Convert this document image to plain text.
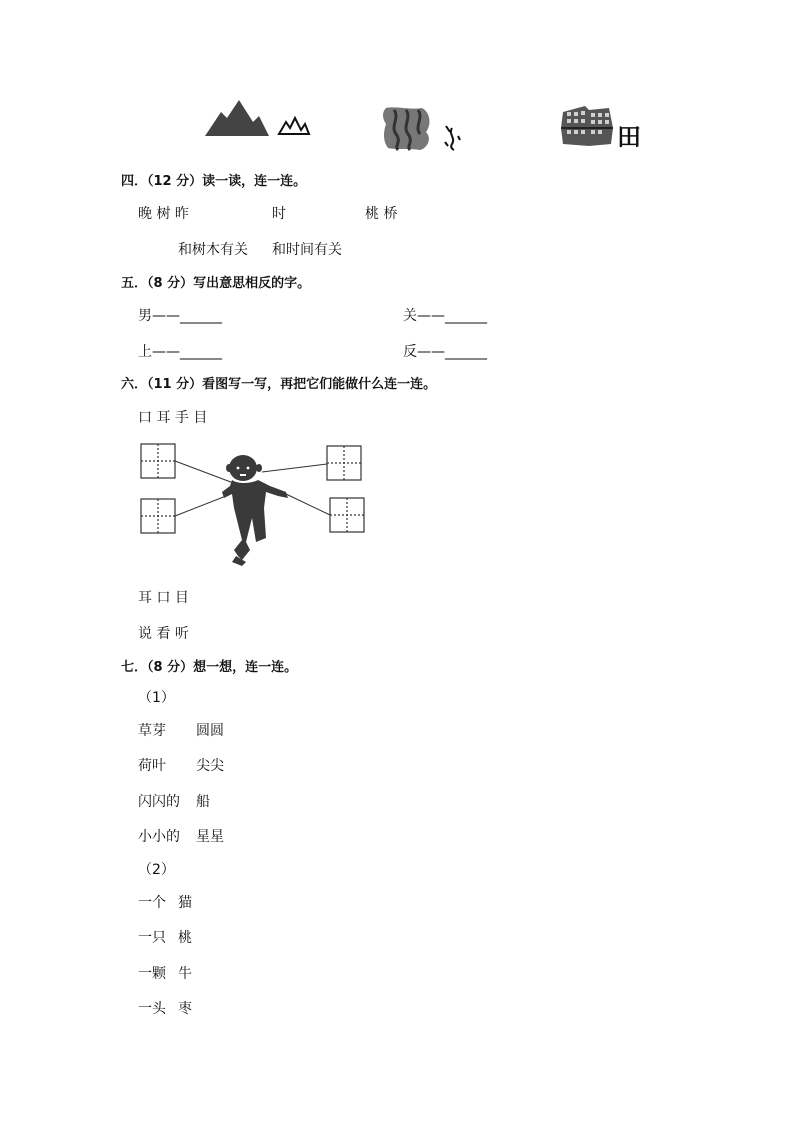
田
四．（12 分）读一读，连一连。
晚 树 昨	时	桃 桥
和树木有关 和时间有关
五．（8 分）写出意思相反的字。
男——______	关——______
上——______	反——______
六．（11 分）看图写一写，再把它们能做什么连一连。
口 耳 手 目
耳 口 目
说 看 听
七．（8 分）想一想，连一连。
（1）
草芽 圆圆
荷叶 尖尖
闪闪的 船
小小的 星星
（2）
一个 猫
一只 桃
一颗 牛
一头 枣
